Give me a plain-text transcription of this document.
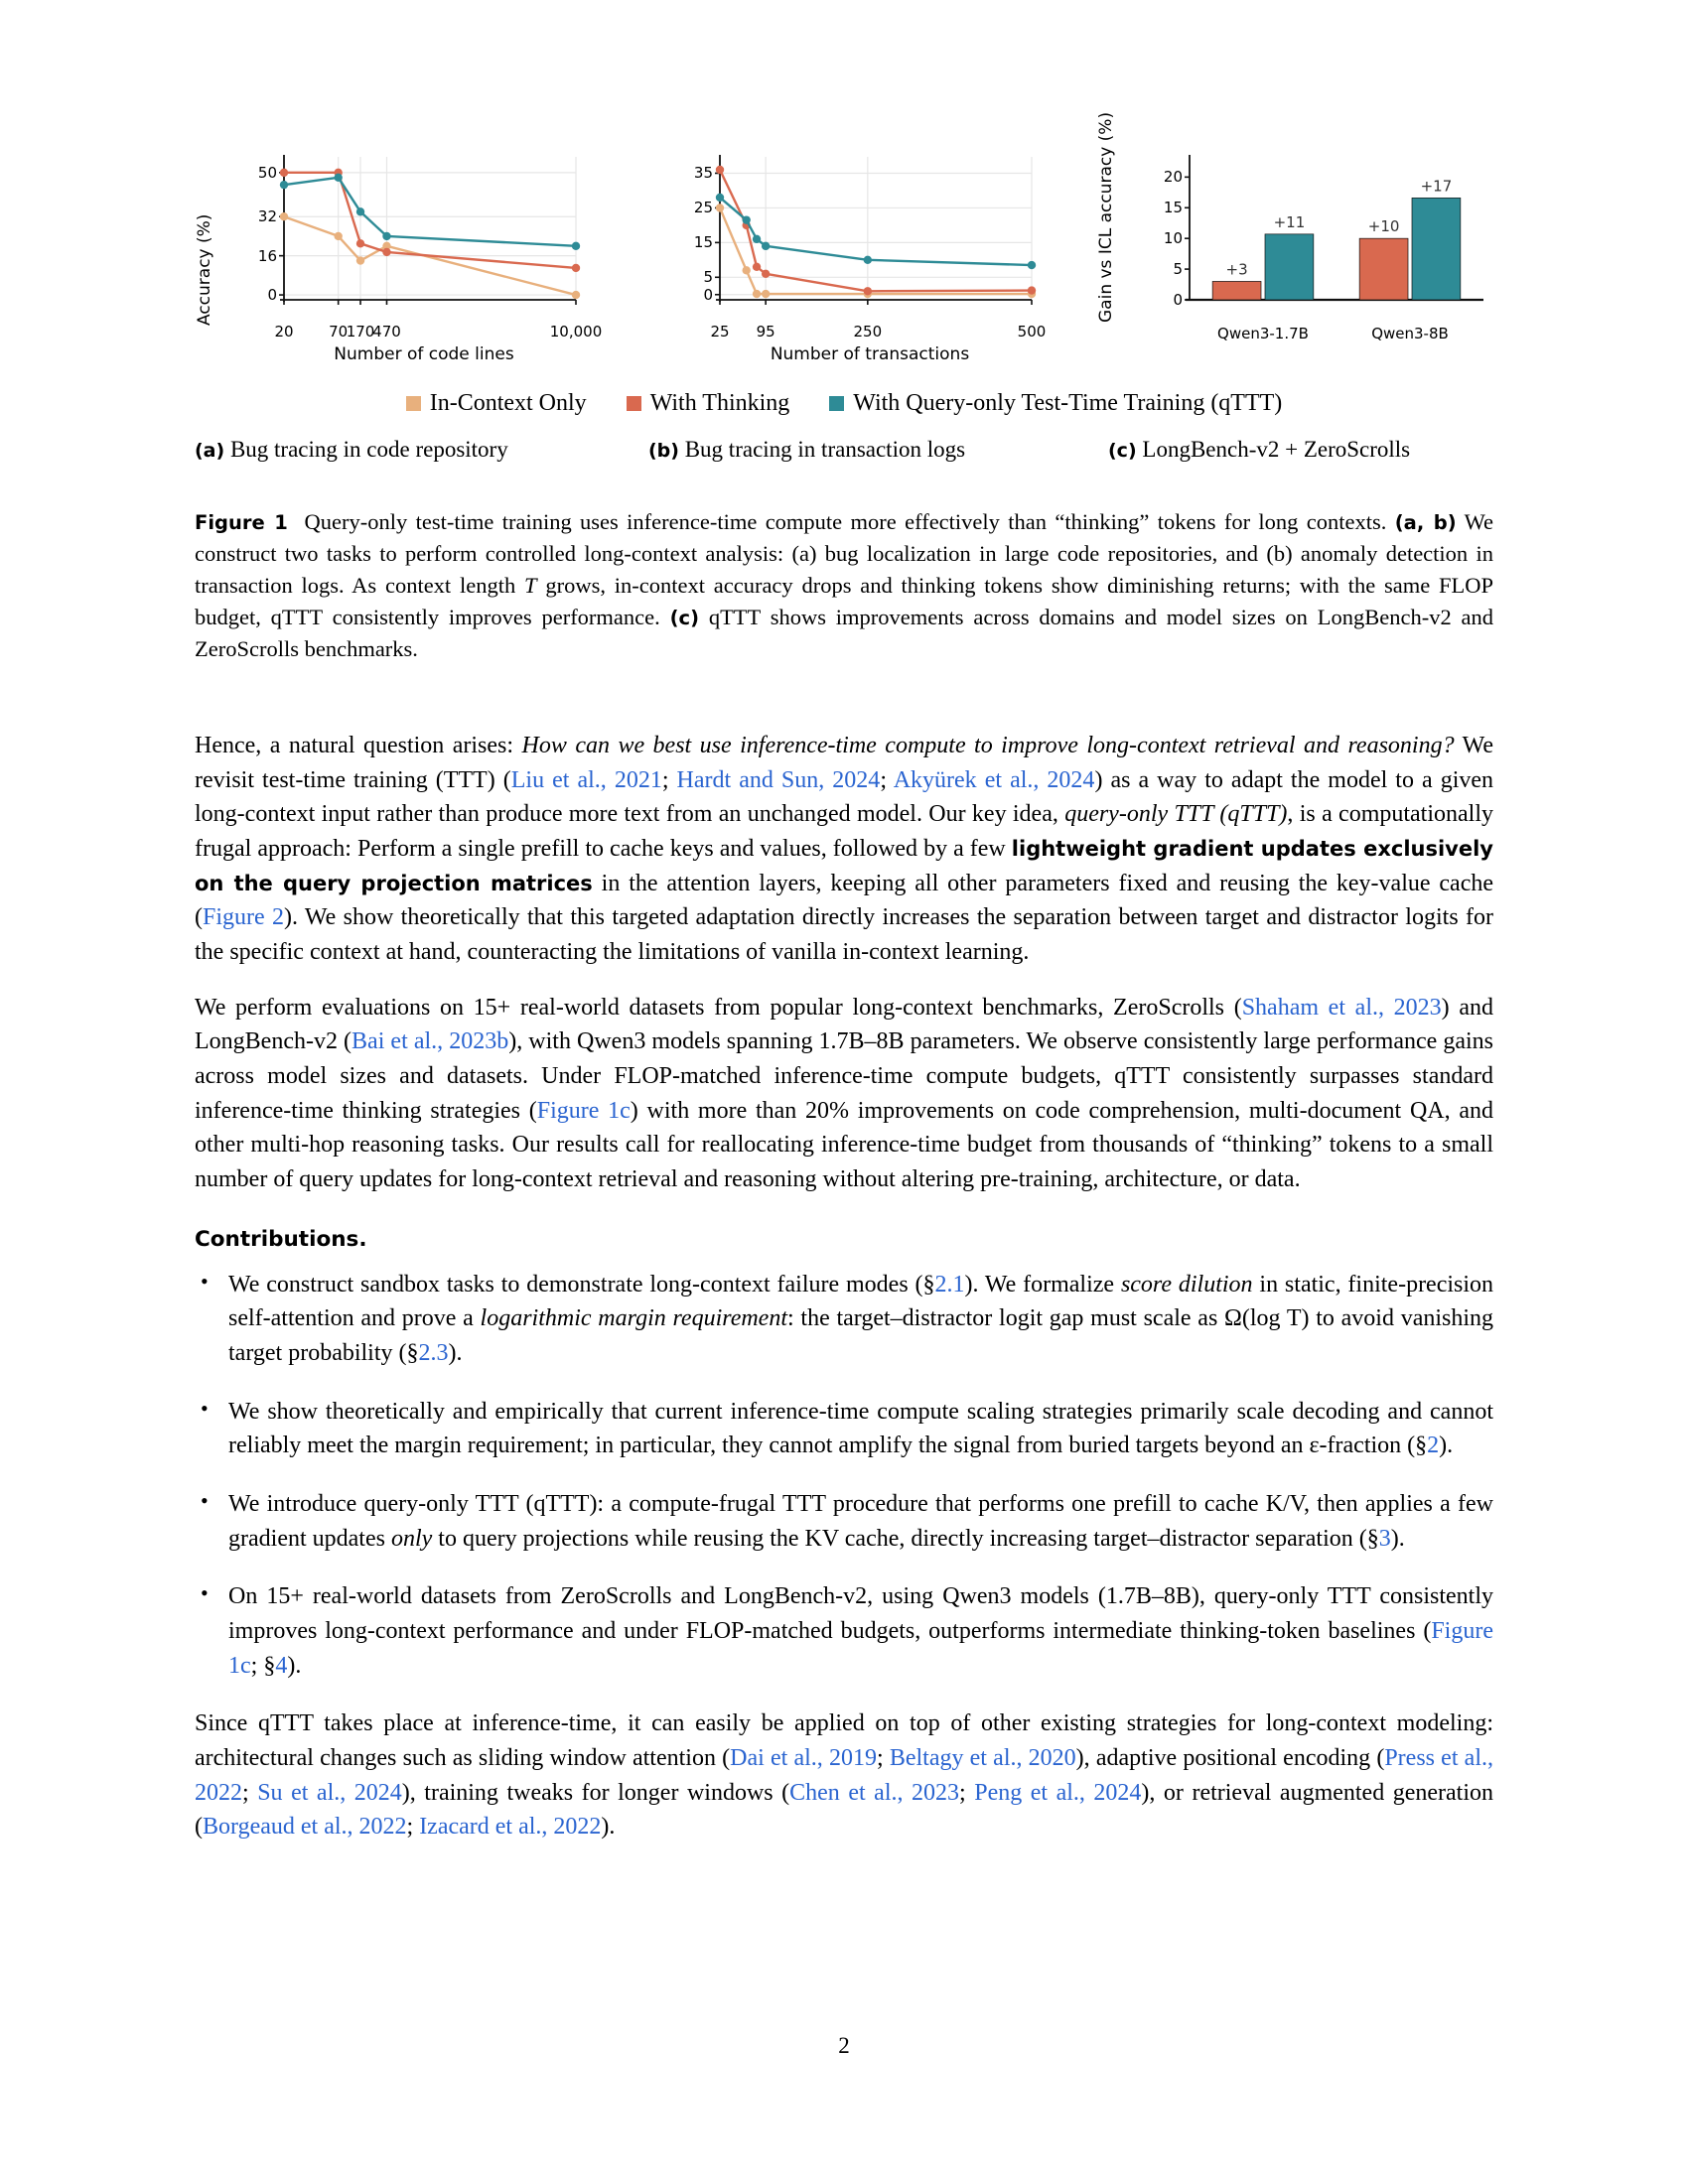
Accuracy (%)	0
16
32
50
20 70
170
470	10,000
Number of code lines
0
5
15
25
35
25 95	250	500
Number of transactions
Gain vs ICL accuracy (%)	+3
+11	+10
+17
0
5
10
15
20
Qwen3-1.7B	Qwen3-8B
In-Context Only	With Thinking	With Query-only Test-Time Training (qTTT)
(a) Bug tracing in code repository	(b) Bug tracing in transaction logs	(c) LongBench-v2 + ZeroScrolls
Figure 1 Query-only test-time training uses inference-time compute more effectively than “thinking” tokens for long contexts. (a, b) We construct two tasks to perform controlled long-context analysis: (a) bug localization in large code repositories, and (b) anomaly detection in transaction logs. As context length T grows, in-context accuracy drops and thinking tokens show diminishing returns; with the same FLOP budget, qTTT consistently improves performance. (c) qTTT shows improvements across domains and model sizes on LongBench-v2 and ZeroScrolls benchmarks.

Hence, a natural question arises: How can we best use inference-time compute to improve long-context retrieval and reasoning? We revisit test-time training (TTT) (Liu et al., 2021; Hardt and Sun, 2024; Akyürek et al., 2024) as a way to adapt the model to a given long-context input rather than produce more text from an unchanged model. Our key idea, query-only TTT (qTTT), is a computationally frugal approach: Perform a single prefill to cache keys and values, followed by a few lightweight gradient updates exclusively on the query projection matrices in the attention layers, keeping all other parameters fixed and reusing the key-value cache (Figure 2). We show theoretically that this targeted adaptation directly increases the separation between target and distractor logits for the specific context at hand, counteracting the limitations of vanilla in-context learning.

We perform evaluations on 15+ real-world datasets from popular long-context benchmarks, ZeroScrolls (Shaham et al., 2023) and LongBench-v2 (Bai et al., 2023b), with Qwen3 models spanning 1.7B–8B parameters. We observe consistently large performance gains across model sizes and datasets. Under FLOP-matched inference-time compute budgets, qTTT consistently surpasses standard inference-time thinking strategies (Figure 1c) with more than 20% improvements on code comprehension, multi-document QA, and other multi-hop reasoning tasks. Our results call for reallocating inference-time budget from thousands of “thinking” tokens to a small number of query updates for long-context retrieval and reasoning without altering pre-training, architecture, or data.

Contributions.
• We construct sandbox tasks to demonstrate long-context failure modes (§2.1). We formalize score dilution in static, finite-precision self-attention and prove a logarithmic margin requirement: the target–distractor logit gap must scale as Ω(log T) to avoid vanishing target probability (§2.3).
• We show theoretically and empirically that current inference-time compute scaling strategies primarily scale decoding and cannot reliably meet the margin requirement; in particular, they cannot amplify the signal from buried targets beyond an ε-fraction (§2).
• We introduce query-only TTT (qTTT): a compute-frugal TTT procedure that performs one prefill to cache K/V, then applies a few gradient updates only to query projections while reusing the KV cache, directly increasing target–distractor separation (§3).
• On 15+ real-world datasets from ZeroScrolls and LongBench-v2, using Qwen3 models (1.7B–8B), query-only TTT consistently improves long-context performance and under FLOP-matched budgets, outperforms intermediate thinking-token baselines (Figure 1c; §4).

Since qTTT takes place at inference-time, it can easily be applied on top of other existing strategies for long-context modeling: architectural changes such as sliding window attention (Dai et al., 2019; Beltagy et al., 2020), adaptive positional encoding (Press et al., 2022; Su et al., 2024), training tweaks for longer windows (Chen et al., 2023; Peng et al., 2024), or retrieval augmented generation (Borgeaud et al., 2022; Izacard et al., 2022).

2
